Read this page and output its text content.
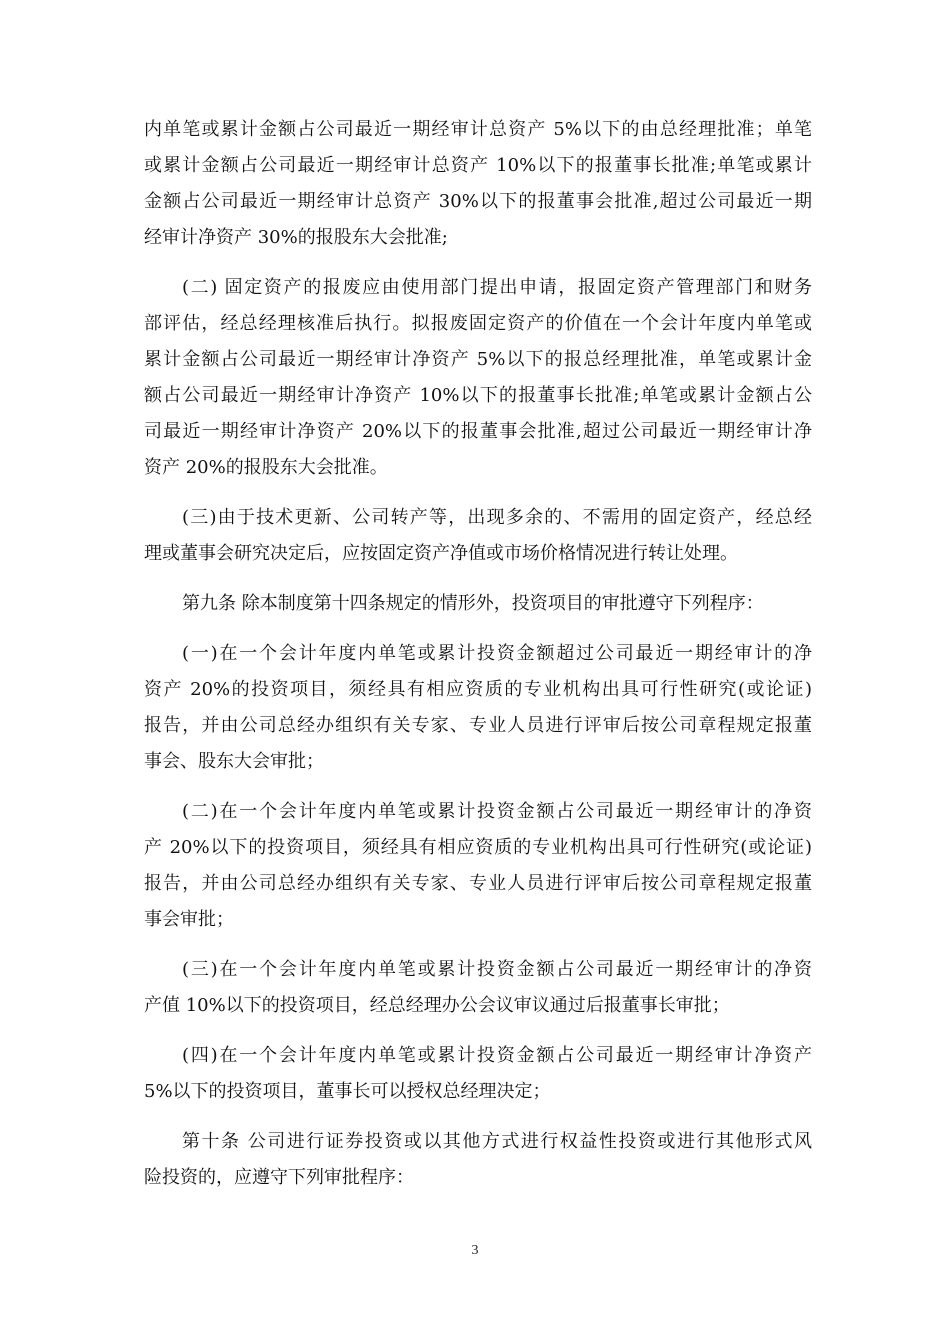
内单笔或累计金额占公司最近一期经审计总资产 5%以下的由总经理批准；单笔
或累计金额占公司最近一期经审计总资产 10%以下的报董事长批准;单笔或累计
金额占公司最近一期经审计总资产 30%以下的报董事会批准,超过公司最近一期
经审计净资产 30%的报股东大会批准;
(二) 固定资产的报废应由使用部门提出申请，报固定资产管理部门和财务
部评估，经总经理核准后执行。拟报废固定资产的价值在一个会计年度内单笔或
累计金额占公司最近一期经审计净资产 5%以下的报总经理批准，单笔或累计金
额占公司最近一期经审计净资产 10%以下的报董事长批准;单笔或累计金额占公
司最近一期经审计净资产 20%以下的报董事会批准,超过公司最近一期经审计净
资产 20%的报股东大会批准。
(三)由于技术更新、公司转产等，出现多余的、不需用的固定资产，经总经
理或董事会研究决定后，应按固定资产净值或市场价格情况进行转让处理。
第九条 除本制度第十四条规定的情形外，投资项目的审批遵守下列程序：
(一)在一个会计年度内单笔或累计投资金额超过公司最近一期经审计的净
资产 20%的投资项目，须经具有相应资质的专业机构出具可行性研究(或论证)
报告，并由公司总经办组织有关专家、专业人员进行评审后按公司章程规定报董
事会、股东大会审批；
(二)在一个会计年度内单笔或累计投资金额占公司最近一期经审计的净资
产 20%以下的投资项目，须经具有相应资质的专业机构出具可行性研究(或论证)
报告，并由公司总经办组织有关专家、专业人员进行评审后按公司章程规定报董
事会审批；
(三)在一个会计年度内单笔或累计投资金额占公司最近一期经审计的净资
产值 10%以下的投资项目，经总经理办公会议审议通过后报董事长审批；
(四)在一个会计年度内单笔或累计投资金额占公司最近一期经审计净资产
5%以下的投资项目，董事长可以授权总经理决定；
第十条 公司进行证券投资或以其他方式进行权益性投资或进行其他形式风
险投资的，应遵守下列审批程序：
3
